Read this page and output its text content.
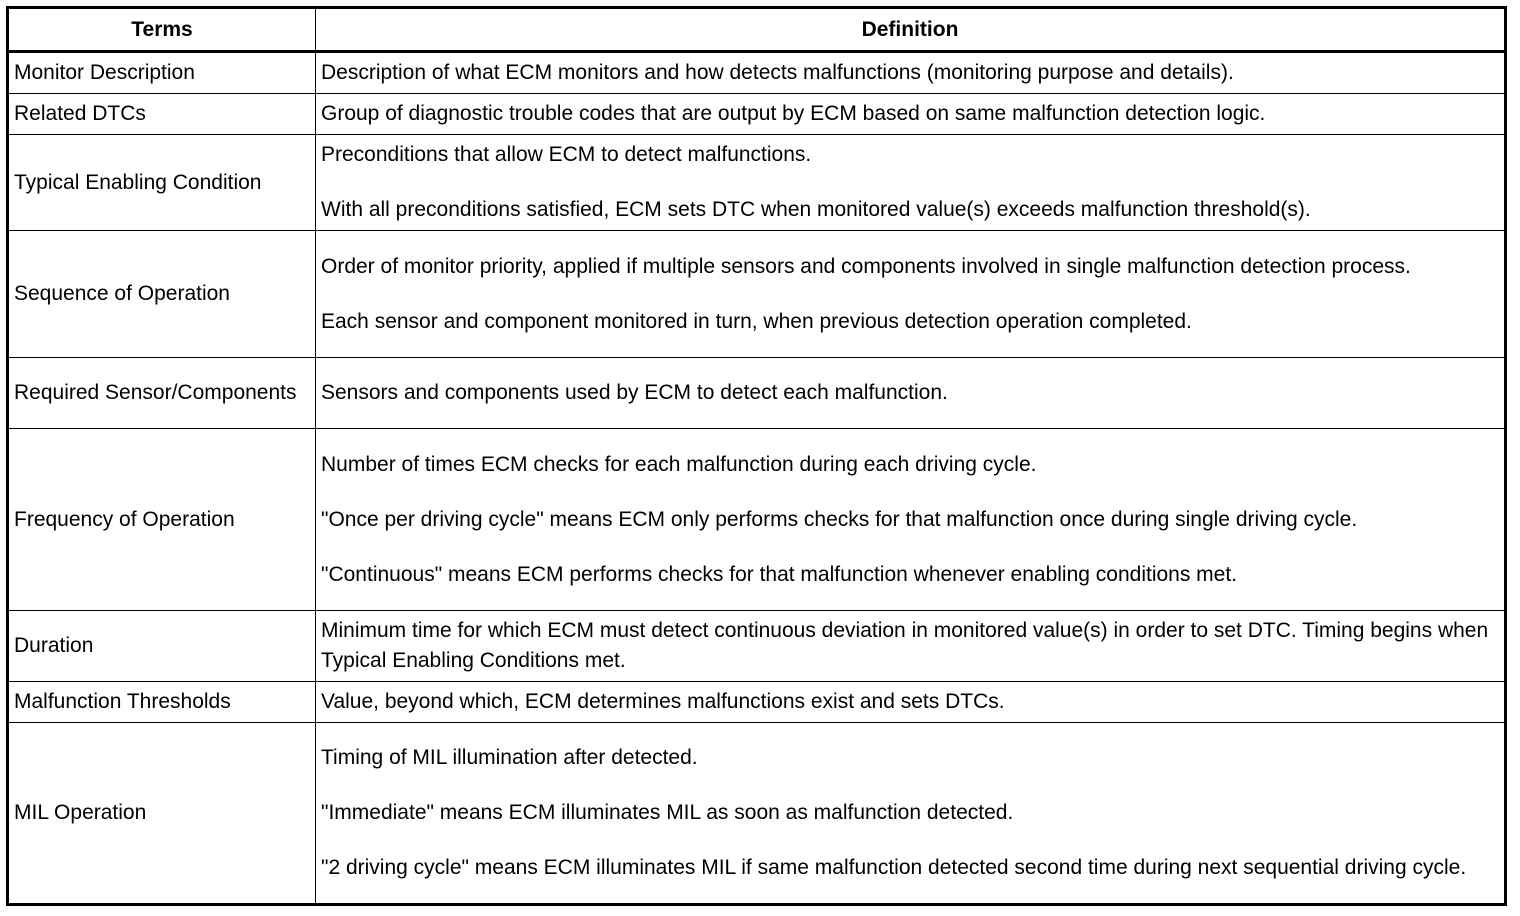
Terms	Definition
Monitor Description	Description of what ECM monitors and how detects malfunctions (monitoring purpose and details).

Related DTCs	Group of diagnostic trouble codes that are output by ECM based on same malfunction detection logic.

Typical Enabling Condition	Preconditions that allow ECM to detect malfunctions.

With all preconditions satisfied, ECM sets DTC when monitored value(s) exceeds malfunction threshold(s).

Sequence of Operation	Order of monitor priority, applied if multiple sensors and components involved in single malfunction detection process.

Each sensor and component monitored in turn, when previous detection operation completed.

Required Sensor/Components	Sensors and components used by ECM to detect each malfunction.

Frequency of Operation	Number of times ECM checks for each malfunction during each driving cycle.

"Once per driving cycle" means ECM only performs checks for that malfunction once during single driving cycle.

"Continuous" means ECM performs checks for that malfunction whenever enabling conditions met.

Duration	Minimum time for which ECM must detect continuous deviation in monitored value(s) in order to set DTC. Timing begins when Typical Enabling Conditions met.

Malfunction Thresholds	Value, beyond which, ECM determines malfunctions exist and sets DTCs.

MIL Operation	Timing of MIL illumination after detected.

"Immediate" means ECM illuminates MIL as soon as malfunction detected.

"2 driving cycle" means ECM illuminates MIL if same malfunction detected second time during next sequential driving cycle.
